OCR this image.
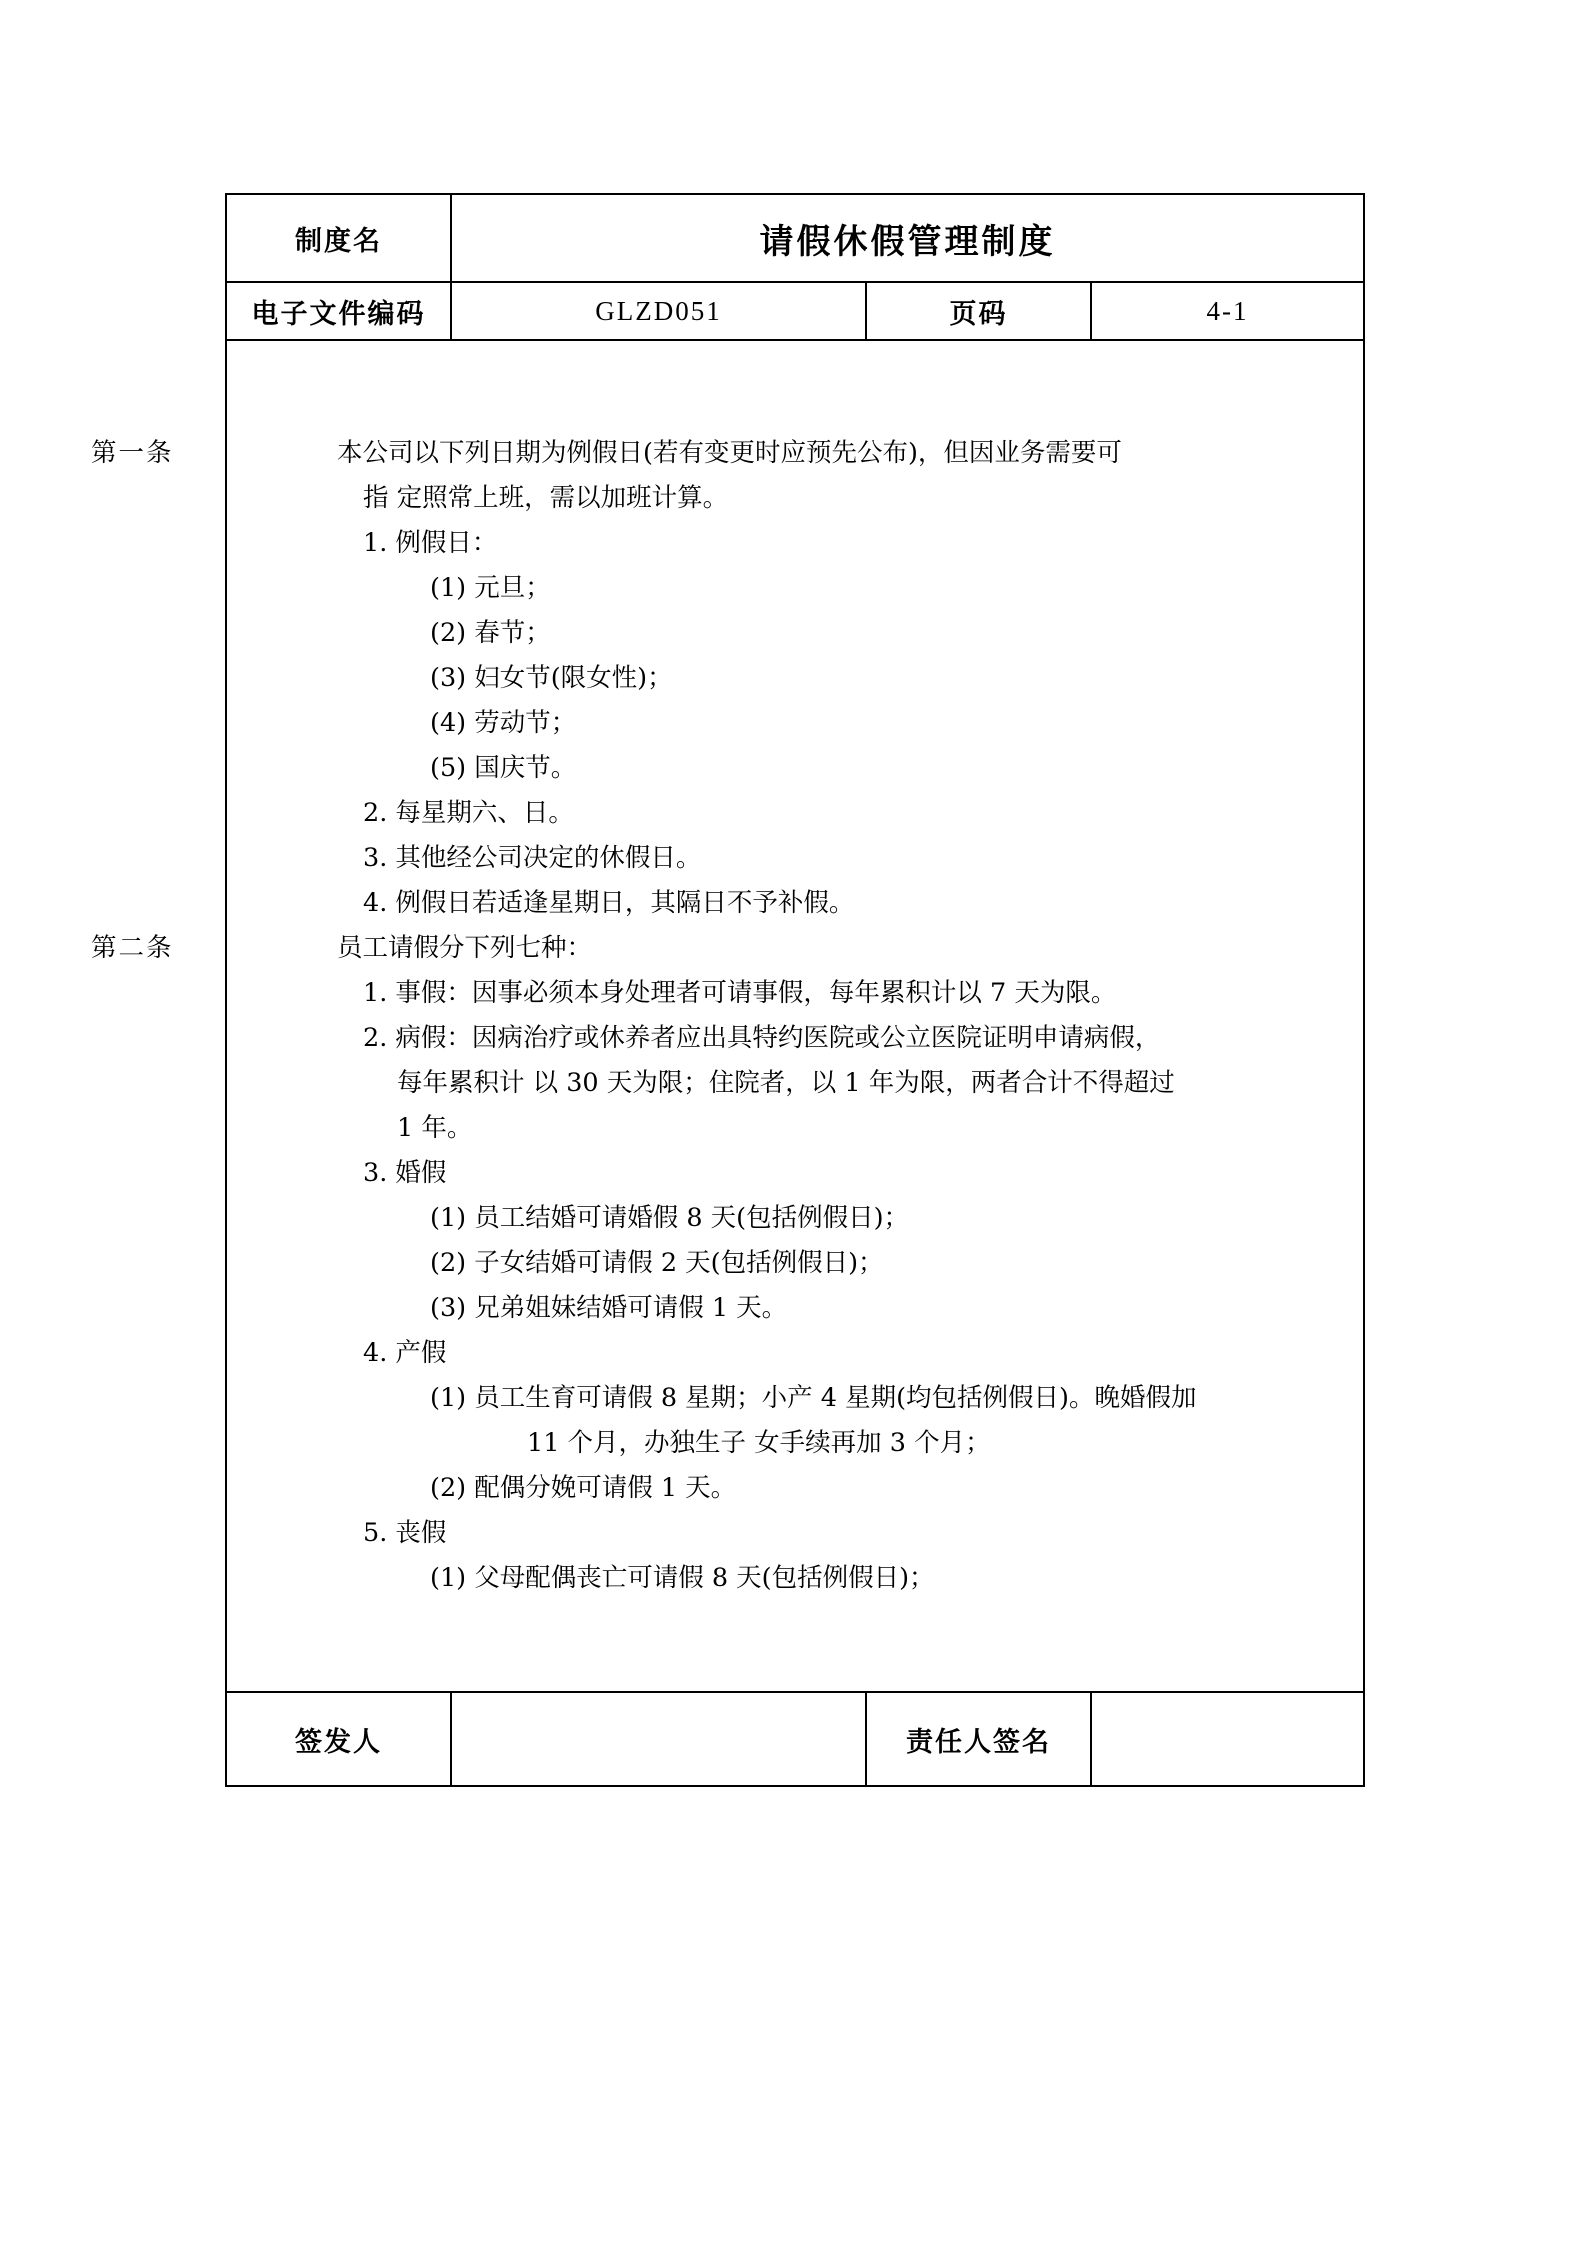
制度名	请假休假管理制度		
电子文件编码	GLZD051	页码	4-1

第一条	本公司以下列日期为例假日(若有变更时应预先公布)，但因业务需要可
指 定照常上班，需以加班计算。
1. 例假日：
(1) 元旦；
(2) 春节；
(3) 妇女节(限女性)；
(4) 劳动节；
(5) 国庆节。
2. 每星期六、日。
3. 其他经公司决定的休假日。
4. 例假日若适逢星期日，其隔日不予补假。
第二条	员工请假分下列七种：
1. 事假：因事必须本身处理者可请事假，每年累积计以 7 天为限。
2. 病假：因病治疗或休养者应出具特约医院或公立医院证明申请病假，
每年累积计 以 30 天为限；住院者，以 1 年为限，两者合计不得超过
1 年。
3. 婚假
(1) 员工结婚可请婚假 8 天(包括例假日)；
(2) 子女结婚可请假 2 天(包括例假日)；
(3) 兄弟姐妹结婚可请假 1 天。
4. 产假
(1) 员工生育可请假 8 星期；小产 4 星期(均包括例假日)。晚婚假加
11 个月，办独生子 女手续再加 3 个月；
(2) 配偶分娩可请假 1 天。
5. 丧假
(1) 父母配偶丧亡可请假 8 天(包括例假日)；

签发人		责任人签名	
